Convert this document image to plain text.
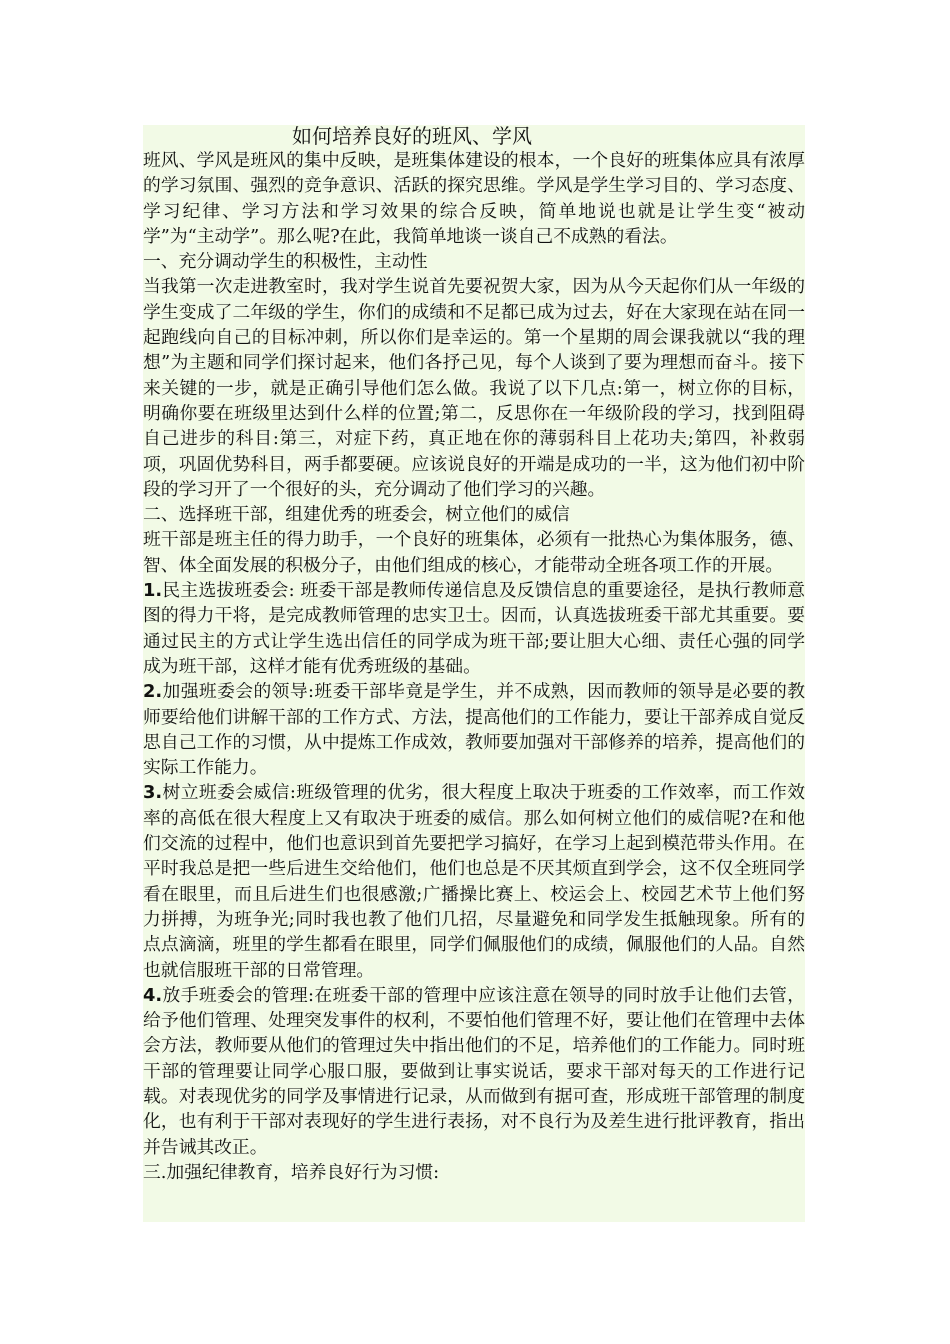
如何培养良好的班风、学风

班风、学风是班风的集中反映，是班集体建设的根本，一个良好的班集体应具有浓厚的学习氛围、强烈的竞争意识、活跃的探究思维。学风是学生学习目的、学习态度、学习纪律、学习方法和学习效果的综合反映，简单地说也就是让学生变“被动学”为“主动学”。那么呢?在此，我简单地谈一谈自己不成熟的看法。

一、充分调动学生的积极性，主动性

当我第一次走进教室时，我对学生说首先要祝贺大家，因为从今天起你们从一年级的学生变成了二年级的学生，你们的成绩和不足都已成为过去，好在大家现在站在同一起跑线向自己的目标冲刺，所以你们是幸运的。第一个星期的周会课我就以“我的理想”为主题和同学们探讨起来，他们各抒己见，每个人谈到了要为理想而奋斗。接下来关键的一步，就是正确引导他们怎么做。我说了以下几点:第一，树立你的目标，明确你要在班级里达到什么样的位置;第二，反思你在一年级阶段的学习，找到阻碍自己进步的科目:第三，对症下药，真正地在你的薄弱科目上花功夫;第四，补救弱项，巩固优势科目，两手都要硬。应该说良好的开端是成功的一半，这为他们初中阶段的学习开了一个很好的头，充分调动了他们学习的兴趣。

二、选择班干部，组建优秀的班委会，树立他们的威信

班干部是班主任的得力助手，一个良好的班集体，必须有一批热心为集体服务，德、智、体全面发展的积极分子，由他们组成的核心，才能带动全班各项工作的开展。

1.民主选拔班委会: 班委干部是教师传递信息及反馈信息的重要途径，是执行教师意图的得力干将，是完成教师管理的忠实卫士。因而，认真选拔班委干部尤其重要。要通过民主的方式让学生选出信任的同学成为班干部;要让胆大心细、责任心强的同学成为班干部，这样才能有优秀班级的基础。

2.加强班委会的领导:班委干部毕竟是学生，并不成熟，因而教师的领导是必要的教师要给他们讲解干部的工作方式、方法，提高他们的工作能力，要让干部养成自觉反思自己工作的习惯，从中提炼工作成效，教师要加强对干部修养的培养，提高他们的实际工作能力。

3.树立班委会威信:班级管理的优劣，很大程度上取决于班委的工作效率，而工作效率的高低在很大程度上又有取决于班委的威信。那么如何树立他们的威信呢?在和他们交流的过程中，他们也意识到首先要把学习搞好，在学习上起到模范带头作用。在平时我总是把一些后进生交给他们，他们也总是不厌其烦直到学会，这不仅全班同学看在眼里，而且后进生们也很感激;广播操比赛上、校运会上、校园艺术节上他们努力拼搏，为班争光;同时我也教了他们几招，尽量避免和同学发生抵触现象。所有的点点滴滴，班里的学生都看在眼里，同学们佩服他们的成绩，佩服他们的人品。自然也就信服班干部的日常管理。

4.放手班委会的管理:在班委干部的管理中应该注意在领导的同时放手让他们去管，给予他们管理、处理突发事件的权利，不要怕他们管理不好，要让他们在管理中去体会方法，教师要从他们的管理过失中指出他们的不足，培养他们的工作能力。同时班干部的管理要让同学心服口服，要做到让事实说话，要求干部对每天的工作进行记载。对表现优劣的同学及事情进行记录，从而做到有据可查，形成班干部管理的制度化，也有利于干部对表现好的学生进行表扬，对不良行为及差生进行批评教育，指出并告诫其改正。

三.加强纪律教育，培养良好行为习惯:
